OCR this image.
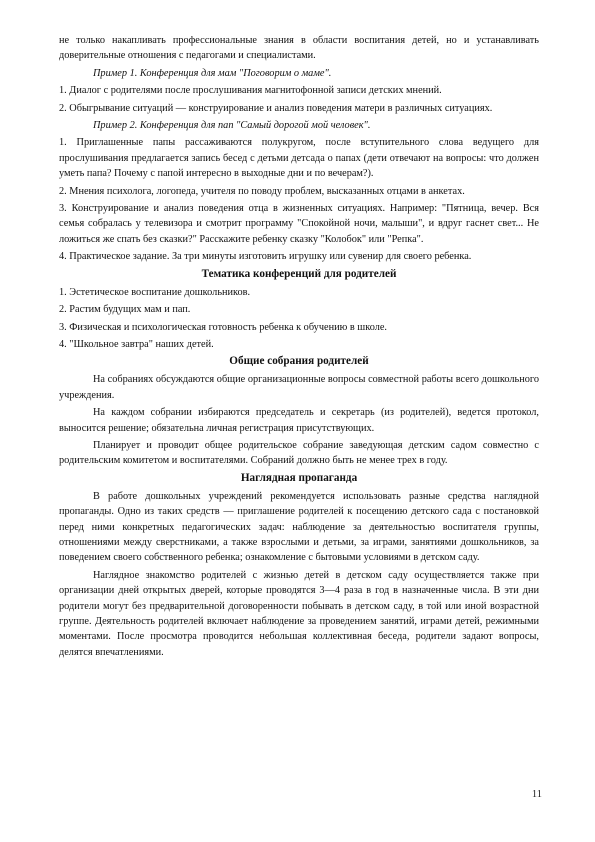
не только накапливать профессиональные знания в области воспитания детей, но и устанавливать доверительные отношения с педагогами и специалистами.

Пример 1. Конференция для мам "Поговорим о маме".

1. Диалог с родителями после прослушивания магнитофонной записи детских мнений.

2. Обыгрывание ситуаций — конструирование и анализ поведения матери в различных ситуациях.

Пример 2. Конференция для пап "Самый дорогой мой человек".

1. Приглашенные папы рассаживаются полукругом, после вступительного слова ведущего для прослушивания предлагается запись бесед с детьми детсада о папах (дети отвечают на вопросы: что должен уметь папа? Почему с папой интересно в выходные дни и по вечерам?).

2. Мнения психолога, логопеда, учителя по поводу проблем, высказанных отцами в анкетах.

3. Конструирование и анализ поведения отца в жизненных ситуациях. Например: "Пятница, вечер. Вся семья собралась у телевизора и смотрит программу "Спокойной ночи, малыши", и вдруг гаснет свет... Не ложиться же спать без сказки?" Расскажите ребенку сказку "Колобок" или "Репка".

4. Практическое задание. За три минуты изготовить игрушку или сувенир для своего ребенка.

Тематика конференций для родителей

1. Эстетическое воспитание дошкольников.

2. Растим будущих мам и пап.

3. Физическая и психологическая готовность ребенка к обучению в школе.

4. "Школьное завтра" наших детей.

Общие собрания родителей

На собраниях обсуждаются общие организационные вопросы совместной работы всего дошкольного учреждения.

На каждом собрании избираются председатель и секретарь (из родителей), ведется протокол, выносится решение; обязательна личная регистрация присутствующих.

Планирует и проводит общее родительское собрание заведующая детским садом совместно с родительским комитетом и воспитателями. Собраний должно быть не менее трех в году.

Наглядная пропаганда

В работе дошкольных учреждений рекомендуется использовать разные средства наглядной пропаганды. Одно из таких средств — приглашение родителей к посещению детского сада с постановкой перед ними конкретных педагогических задач: наблюдение за деятельностью воспитателя группы, отношениями между сверстниками, а также взрослыми и детьми, за играми, занятиями дошкольников, за поведением своего собственного ребенка; ознакомление с бытовыми условиями в детском саду.

Наглядное знакомство родителей с жизнью детей в детском саду осуществляется также при организации дней открытых дверей, которые проводятся 3—4 раза в год в назначенные числа. В эти дни родители могут без предварительной договоренности побывать в детском саду, в той или иной возрастной группе. Деятельность родителей включает наблюдение за проведением занятий, играми детей, режимными моментами. После просмотра проводится небольшая коллективная беседа, родители задают вопросы, делятся впечатлениями.

11
